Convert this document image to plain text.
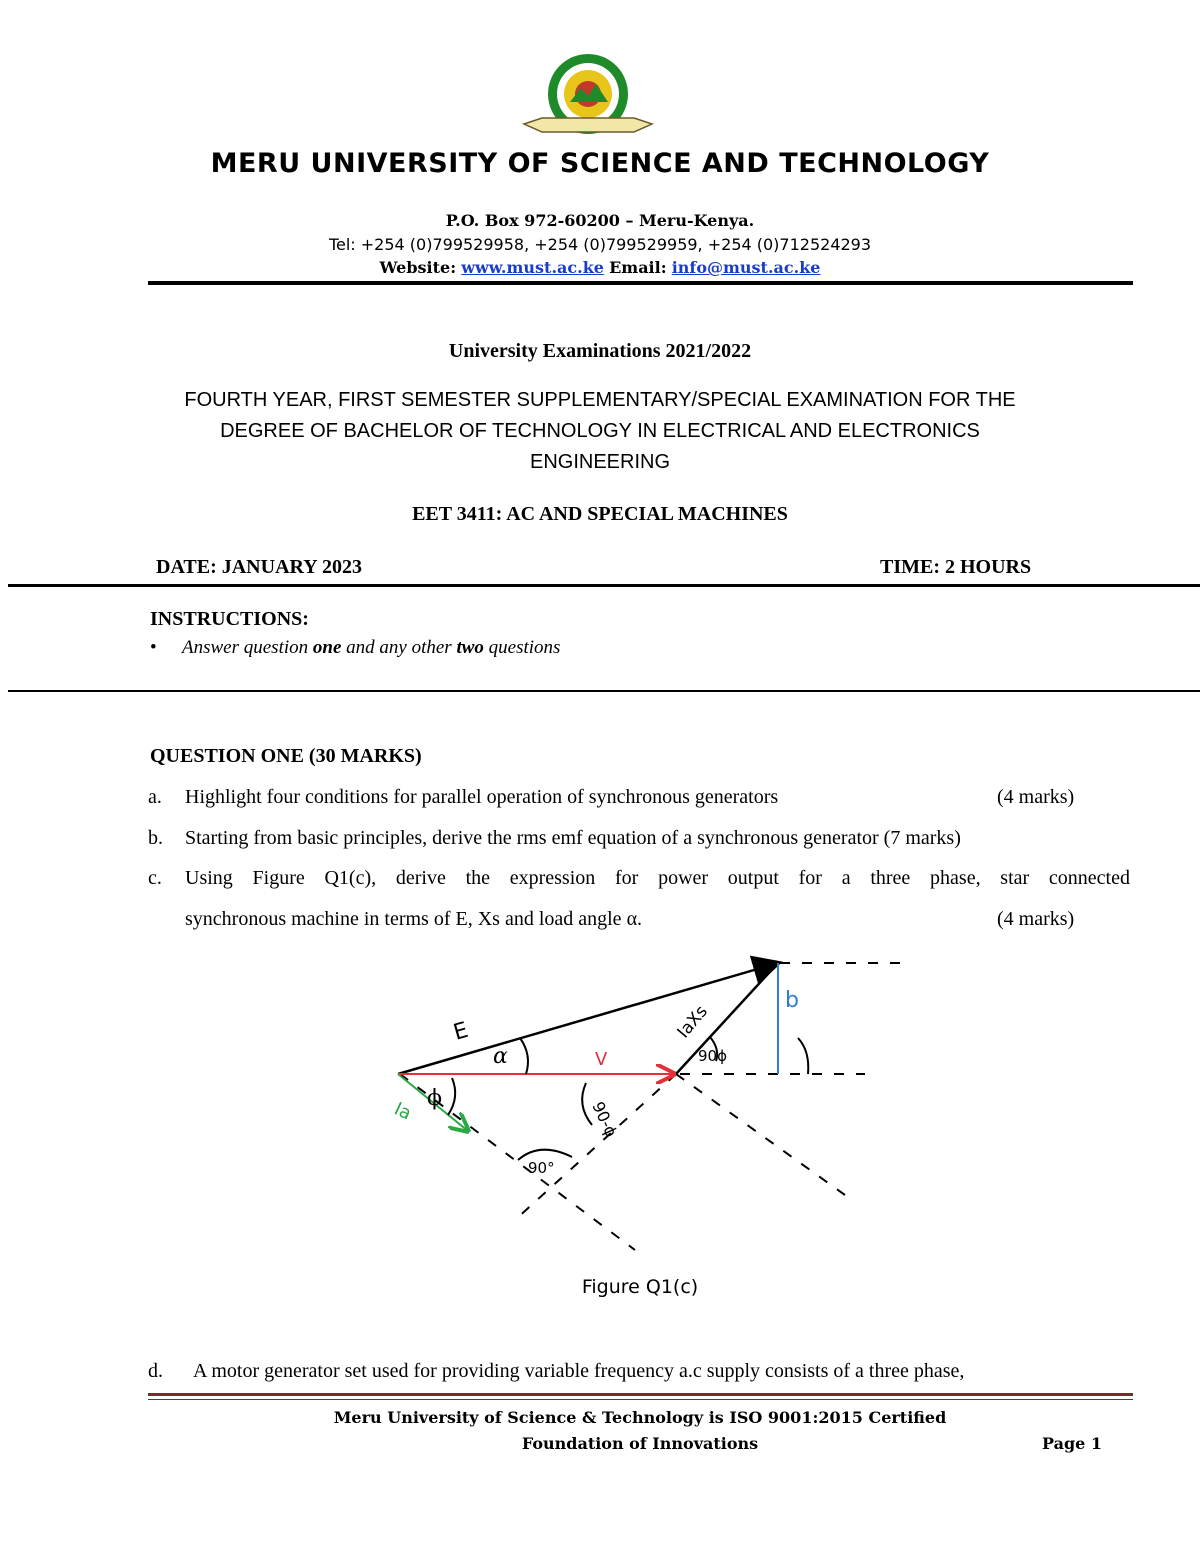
MERU UNIVERSITY OF SCIENCE AND TECHNOLOGY
P.O. Box 972-60200 – Meru-Kenya.
Tel: +254 (0)799529958, +254 (0)799529959, +254 (0)712524293
Website: www.must.ac.ke Email: info@must.ac.ke
University Examinations 2021/2022
FOURTH YEAR, FIRST SEMESTER SUPPLEMENTARY/SPECIAL EXAMINATION FOR THE
DEGREE OF BACHELOR OF TECHNOLOGY IN ELECTRICAL AND ELECTRONICS
ENGINEERING
EET 3411: AC AND SPECIAL MACHINES
DATE: JANUARY 2023	TIME: 2 HOURS
INSTRUCTIONS:
• Answer question one and any other two questions
QUESTION ONE (30 MARKS)
a. Highlight four conditions for parallel operation of synchronous generators	(4 marks)
b. Starting from basic principles, derive the rms emf equation of a synchronous generator (7 marks)
c. Using Figure Q1(c), derive the expression for power output for a three phase, star connected
synchronous machine in terms of E, Xs and load angle α.	(4 marks)
E
α	V
ϕ
Ia
IaXs
90-ϕ
90ϕ
90°
b
Figure Q1(c)
d. A motor generator set used for providing variable frequency a.c supply consists of a three phase,
Meru University of Science & Technology is ISO 9001:2015 Certified
Foundation of Innovations	Page 1
